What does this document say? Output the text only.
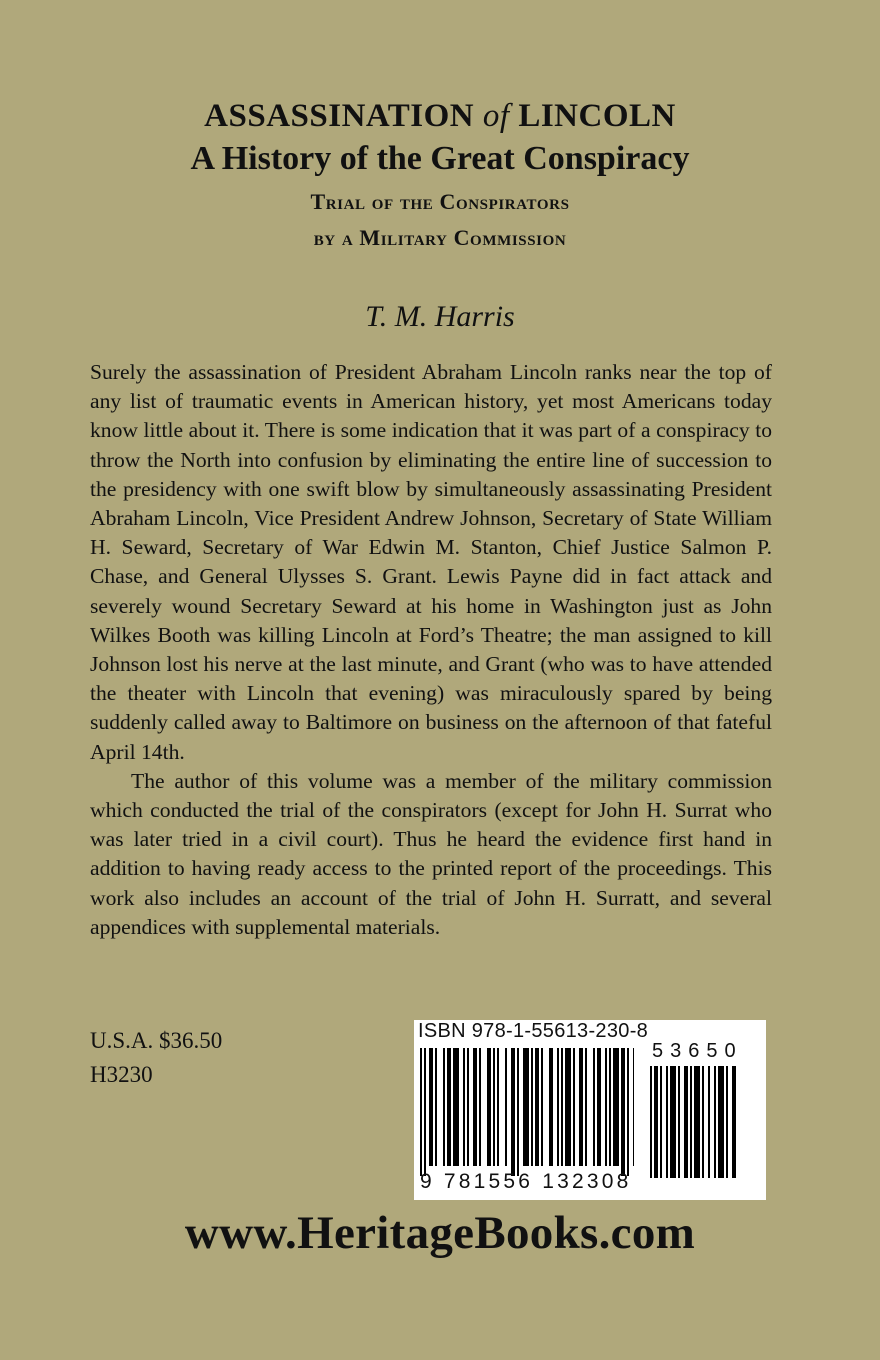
ASSASSINATION of LINCOLN
A History of the Great Conspiracy
Trial of the Conspirators
by a Military Commission
T. M. Harris

Surely the assassination of President Abraham Lincoln ranks near the top of any list of traumatic events in American history, yet most Americans today know little about it. There is some indication that it was part of a conspiracy to throw the North into confusion by eliminating the entire line of succession to the presidency with one swift blow by simultaneously assassinating President Abraham Lincoln, Vice President Andrew Johnson, Secretary of State William H. Seward, Secretary of War Edwin M. Stanton, Chief Justice Salmon P. Chase, and General Ulysses S. Grant. Lewis Payne did in fact attack and severely wound Secretary Seward at his home in Washington just as John Wilkes Booth was killing Lincoln at Ford’s Theatre; the man assigned to kill Johnson lost his nerve at the last minute, and Grant (who was to have attended the theater with Lincoln that evening) was miraculously spared by being suddenly called away to Baltimore on business on the afternoon of that fateful April 14th.

The author of this volume was a member of the military commission which conducted the trial of the conspirators (except for John H. Surrat who was later tried in a civil court). Thus he heard the evidence first hand in addition to having ready access to the printed report of the proceedings. This work also includes an account of the trial of John H. Surratt, and several appendices with supplemental materials.

U.S.A. $36.50
H3230
ISBN 978-1-55613-230-8
53650
9 781556 132308
www.HeritageBooks.com
